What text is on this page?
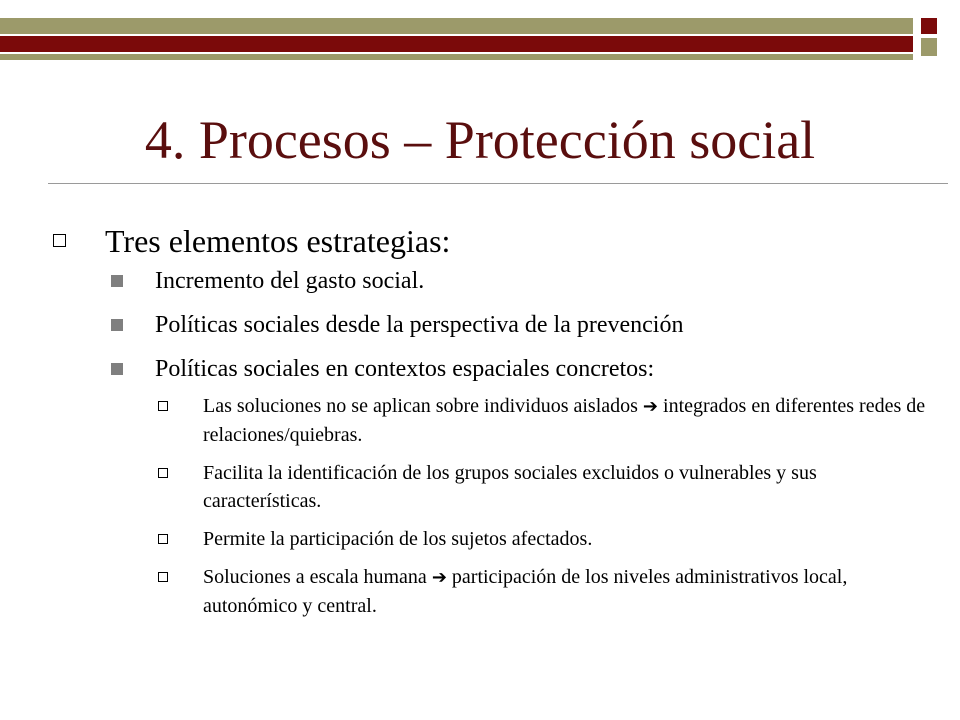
4. Procesos – Protección social
Tres elementos estrategias:
Incremento del gasto social.
Políticas sociales desde la perspectiva de la prevención
Políticas sociales en contextos espaciales concretos:
Las soluciones no se aplican sobre individuos aislados ➔ integrados en diferentes redes de relaciones/quiebras.
Facilita la identificación de los grupos sociales excluidos o vulnerables y sus características.
Permite la participación de los sujetos afectados.
Soluciones a escala humana ➔ participación de los niveles administrativos local, autonómico y central.
